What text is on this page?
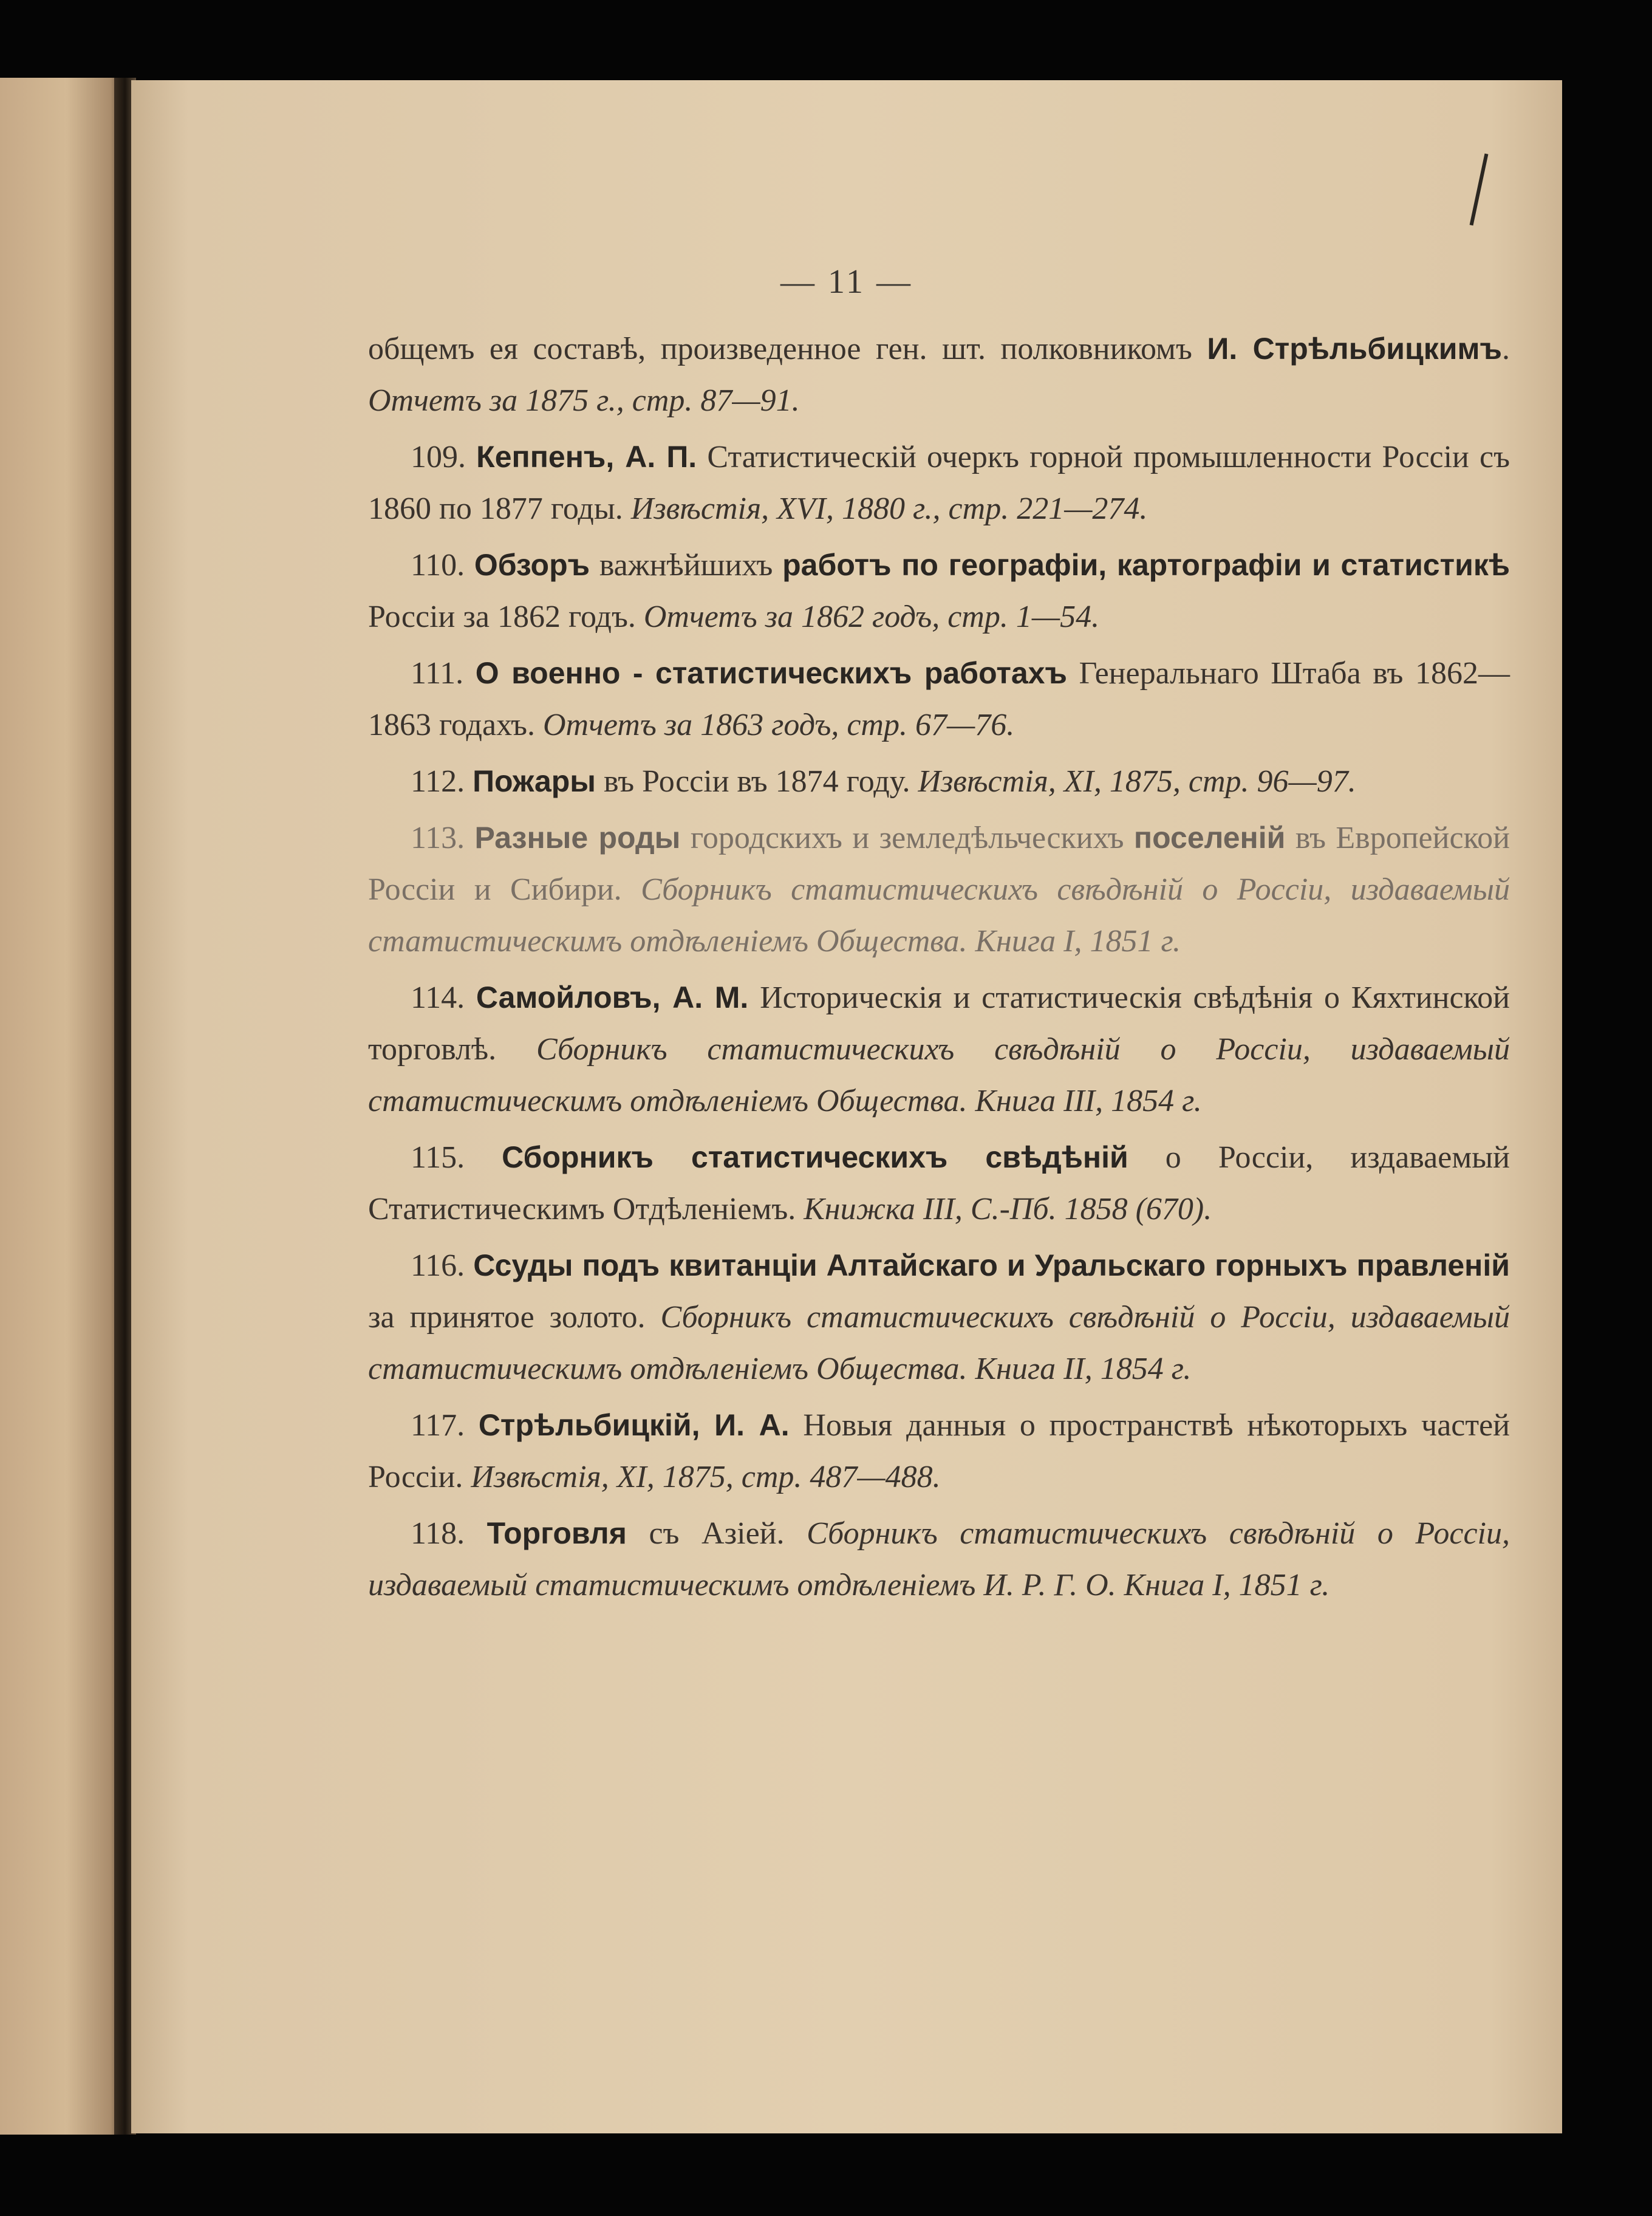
— 11 —

общемъ ея составѣ, произведенное ген. шт. полковникомъ И. Стрѣльбицкимъ. Отчетъ за 1875 г., стр. 87—91.

109. Кеппенъ, А. П. Статистическій очеркъ горной промышленности Россіи съ 1860 по 1877 годы. Извѣстія, XVI, 1880 г., стр. 221—274.

110. Обзоръ важнѣйшихъ работъ по географіи, картографіи и статистикѣ Россіи за 1862 годъ. Отчетъ за 1862 годъ, стр. 1—54.

111. О военно - статистическихъ работахъ Генеральнаго Штаба въ 1862—1863 годахъ. Отчетъ за 1863 годъ, стр. 67—76.

112. Пожары въ Россіи въ 1874 году. Извѣстія, XI, 1875, стр. 96—97.

113. Разные роды городскихъ и земледѣльческихъ поселеній въ Европейской Россіи и Сибири. Сборникъ статистическихъ свѣдѣній о Россіи, издаваемый статистическимъ отдѣленіемъ Общества. Книга I, 1851 г.

114. Самойловъ, А. М. Историческія и статистическія свѣдѣнія о Кяхтинской торговлѣ. Сборникъ статистическихъ свѣдѣній о Россіи, издаваемый статистическимъ отдѣленіемъ Общества. Книга III, 1854 г.

115. Сборникъ статистическихъ свѣдѣній о Россіи, издаваемый Статистическимъ Отдѣленіемъ. Книжка III, С.-Пб. 1858 (670).

116. Ссуды подъ квитанціи Алтайскаго и Уральскаго горныхъ правленій за принятое золото. Сборникъ статистическихъ свѣдѣній о Россіи, издаваемый статистическимъ отдѣленіемъ Общества. Книга II, 1854 г.

117. Стрѣльбицкій, И. А. Новыя данныя о пространствѣ нѣкоторыхъ частей Россіи. Извѣстія, XI, 1875, стр. 487—488.

118. Торговля съ Азіей. Сборникъ статистическихъ свѣдѣній о Россіи, издаваемый статистическимъ отдѣленіемъ И. Р. Г. О. Книга I, 1851 г.
